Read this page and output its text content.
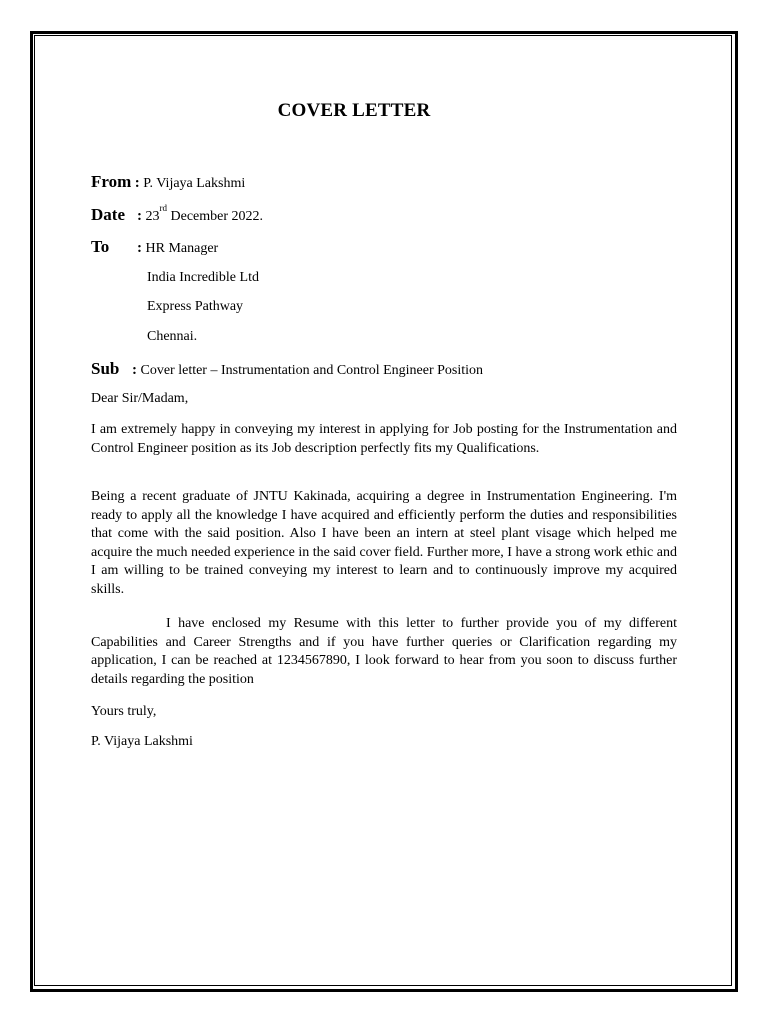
COVER LETTER
From : P. Vijaya Lakshmi
Date : 23rd December 2022.
To : HR Manager
India Incredible Ltd
Express Pathway
Chennai.
Sub : Cover letter – Instrumentation and Control Engineer Position
Dear Sir/Madam,

I am extremely happy in conveying my interest in applying for Job posting for the Instrumentation and Control Engineer position as its Job description perfectly fits my Qualifications.

Being a recent graduate of JNTU Kakinada, acquiring a degree in Instrumentation Engineering. I'm ready to apply all the knowledge I have acquired and efficiently perform the duties and responsibilities that come with the said position. Also I have been an intern at steel plant visage which helped me acquire the much needed experience in the said cover field. Further more, I have a strong work ethic and I am willing to be trained conveying my interest to learn and to continuously improve my acquired skills.

I have enclosed my Resume with this letter to further provide you of my different Capabilities and Career Strengths and if you have further queries or Clarification regarding my application, I can be reached at 1234567890, I look forward to hear from you soon to discuss further details regarding the position

Yours truly,
P. Vijaya Lakshmi
